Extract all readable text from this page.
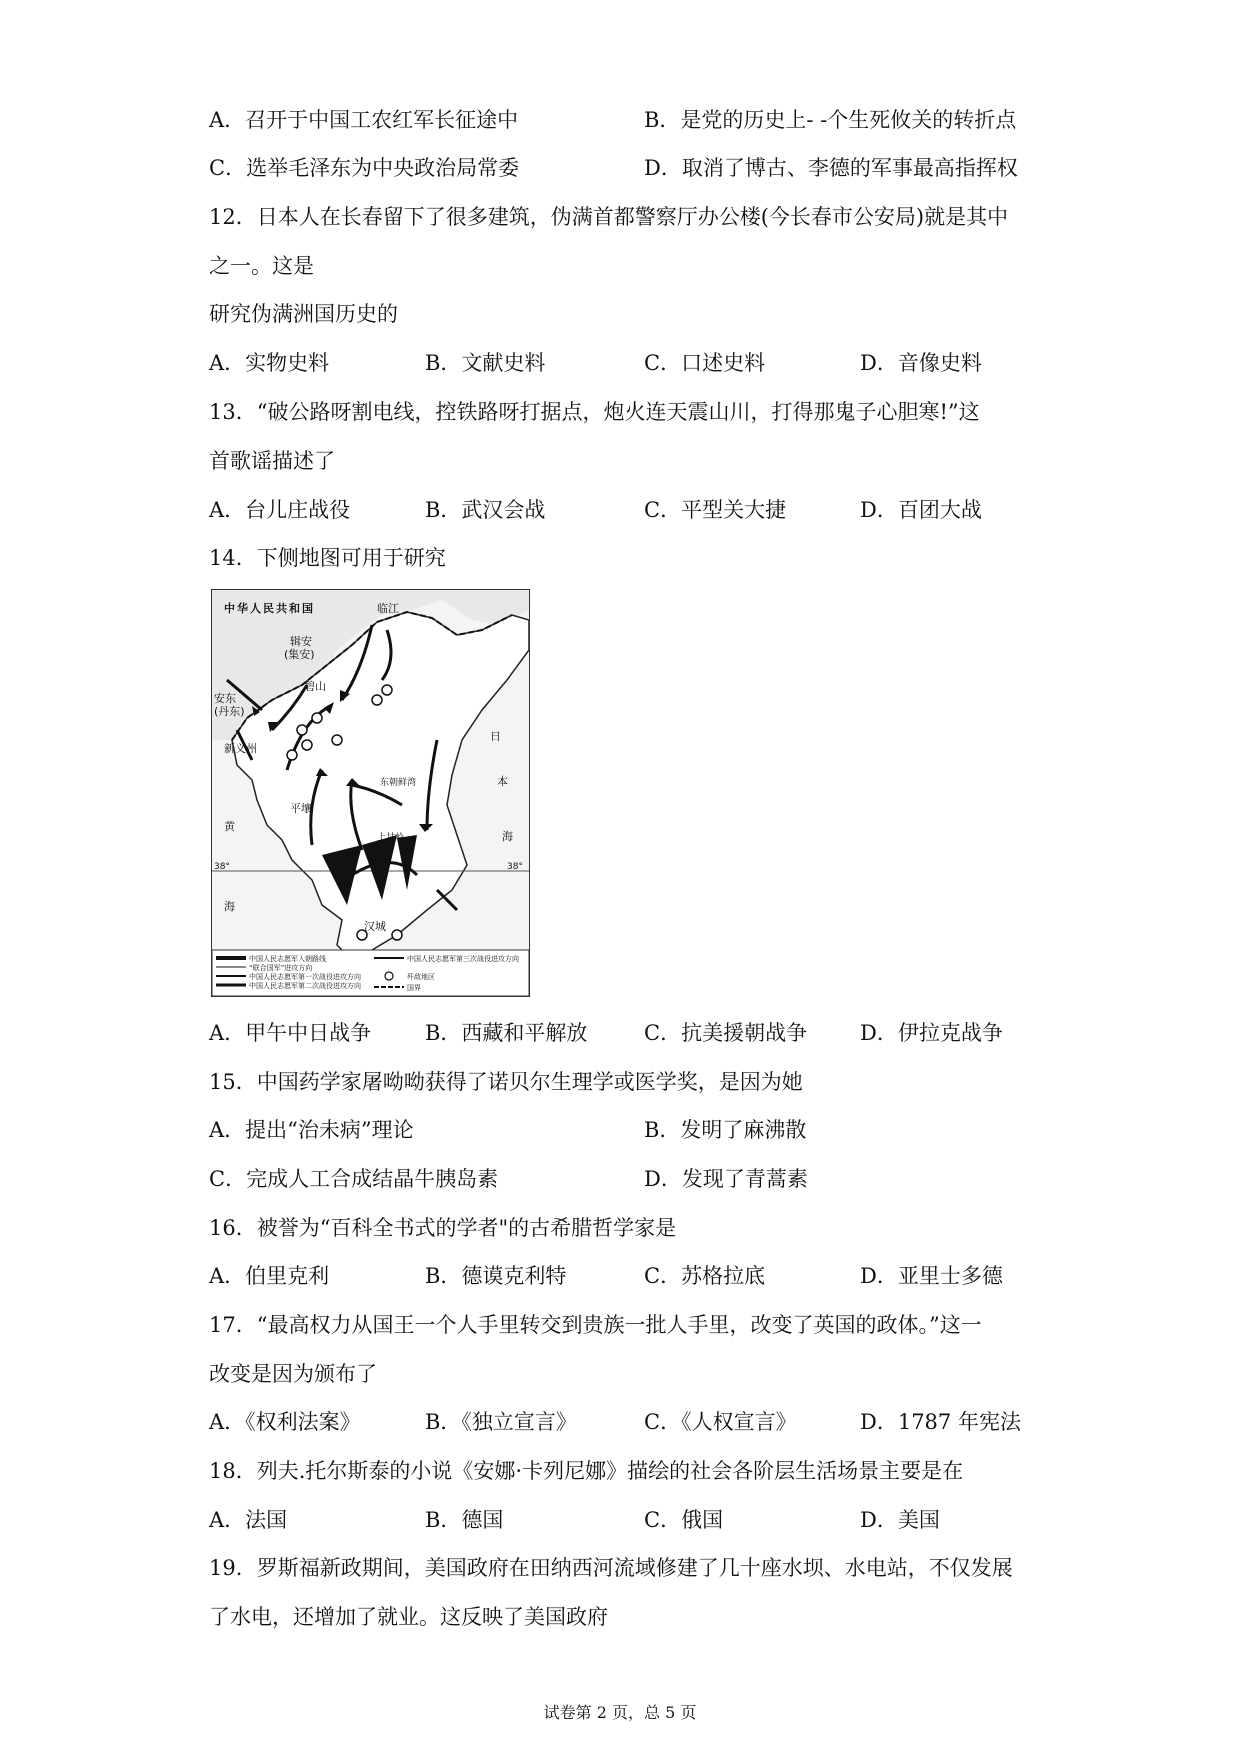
A．召开于中国工农红军长征途中	B．是党的历史上- -个生死攸关的转折点
C．选举毛泽东为中央政治局常委	D．取消了博古、李德的军事最高指挥权
12．日本人在长春留下了很多建筑，伪满首都警察厅办公楼(今长春市公安局)就是其中
之一。这是
研究伪满洲国历史的
A．实物史料	B．文献史料	C．口述史料	D．音像史料
13．“破公路呀割电线，控铁路呀打据点，炮火连天震山川，打得那鬼子心胆寒!”这
首歌谣描述了
A．台儿庄战役	B．武汉会战	C．平型关大捷	D．百团大战
14．下侧地图可用于研究
中华人民共和国	临江
辑安
(集安)
碧山
安东
(丹东)
新义州
平壤
上甘岭
汉城
东朝鲜湾
日
本
海
黄
海
38°	38°
中国人民志愿军入朝路线
“联合国军”进攻方向
中国人民志愿军第一次战役进攻方向
中国人民志愿军第二次战役进攻方向
中国人民志愿军第三次战役进攻方向
歼敌地区
国界
A．甲午中日战争	B．西藏和平解放	C．抗美援朝战争	D．伊拉克战争
15．中国药学家屠呦呦获得了诺贝尔生理学或医学奖，是因为她
A．提出“治未病”理论	B．发明了麻沸散
C．完成人工合成结晶牛胰岛素	D．发现了青蒿素
16．被誉为“百科全书式的学者"的古希腊哲学家是
A．伯里克利	B．德谟克利特	C．苏格拉底	D．亚里士多德
17．“最高权力从国王一个人手里转交到贵族一批人手里，改变了英国的政体。”这一
改变是因为颁布了
A．《权利法案》	B．《独立宣言》	C．《人权宣言》	D．1787 年宪法
18．列夫.托尔斯泰的小说《安娜·卡列尼娜》描绘的社会各阶层生活场景主要是在
A．法国	B．德国	C．俄国	D．美国
19．罗斯福新政期间，美国政府在田纳西河流域修建了几十座水坝、水电站，不仅发展
了水电，还增加了就业。这反映了美国政府
试卷第 2 页，总 5 页
